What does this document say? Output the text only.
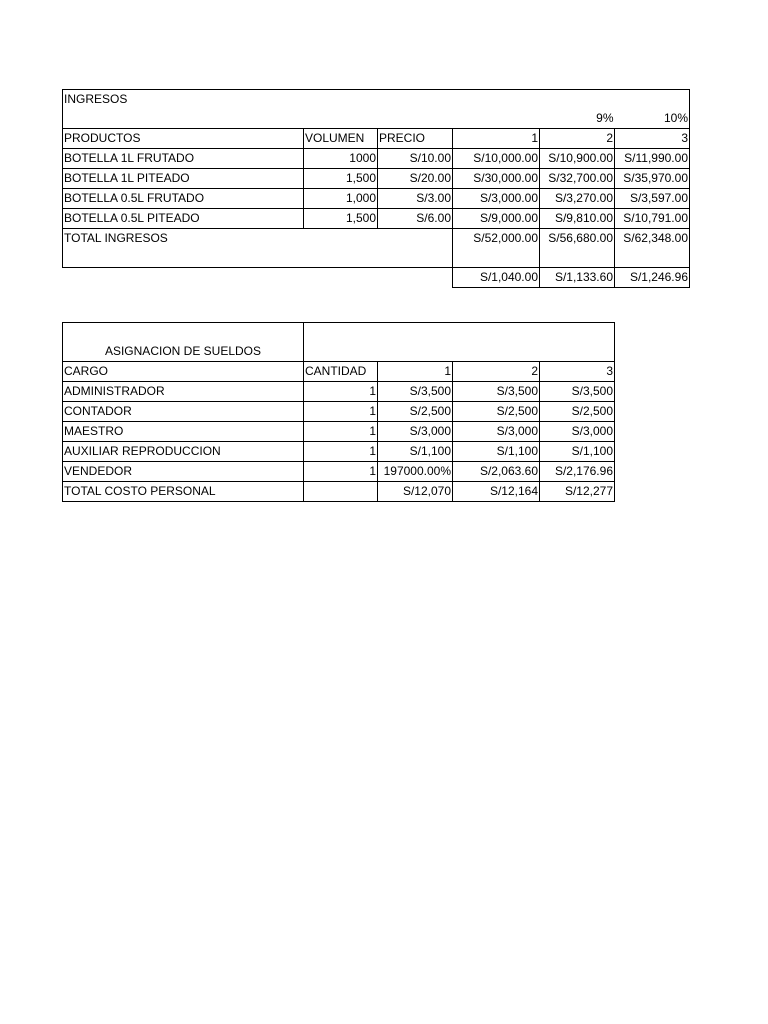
INGRESOS					
				9%	10%
PRODUCTOS	VOLUMEN	PRECIO	1	2	3
BOTELLA 1L FRUTADO	1000	S/10.00	S/10,000.00	S/10,900.00	S/11,990.00
BOTELLA 1L PITEADO	1,500	S/20.00	S/30,000.00	S/32,700.00	S/35,970.00
BOTELLA 0.5L FRUTADO	1,000	S/3.00	S/3,000.00	S/3,270.00	S/3,597.00
BOTELLA 0.5L PITEADO	1,500	S/6.00	S/9,000.00	S/9,810.00	S/10,791.00
TOTAL INGRESOS			S/52,000.00	S/56,680.00	S/62,348.00

			S/1,040.00	S/1,133.60	S/1,246.96

ASIGNACION DE SUELDOS				
CARGO	CANTIDAD	1	2	3
ADMINISTRADOR	1	S/3,500	S/3,500	S/3,500
CONTADOR	1	S/2,500	S/2,500	S/2,500
MAESTRO	1	S/3,000	S/3,000	S/3,000
AUXILIAR REPRODUCCION	1	S/1,100	S/1,100	S/1,100
VENDEDOR	1	197000.00%	S/2,063.60	S/2,176.96
TOTAL COSTO PERSONAL		S/12,070	S/12,164	S/12,277
